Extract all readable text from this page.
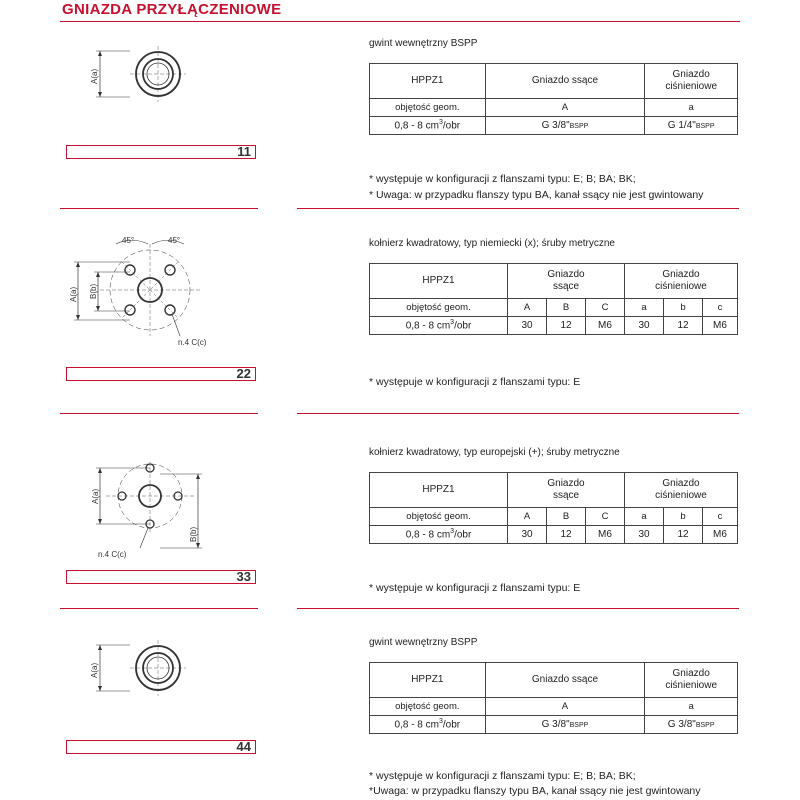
GNIAZDA PRZYŁĄCZENIOWE
A(a)
11
gwint wewnętrzny BSPP
HPPZ1	Gniazdo ssące	Gniazdo ciśnieniowe
objętość geom.	A	a
0,8 - 8 $cm^3$/obr	G 3/8"BSPP	G 1/4"BSPP
* występuje w konfiguracji z flanszami typu: E; B; BA; BK;
* Uwaga: w przypadku flanszy typu BA, kanał ssący nie jest gwintowany
A(a) B(b)
45°	45°
n.4 C(c)
22
kołnierz kwadratowy, typ niemiecki (x); śruby metryczne
HPPZ1	Gniazdo ssące			Gniazdo ciśnieniowe		
objętość geom.	A	B	C	a	b	c
0,8 - 8 $cm^3$/obr	30	12	M6	30	12	M6
* występuje w konfiguracji z flanszami typu: E
A(a)
B(b)
n.4 C(c)
33
kołnierz kwadratowy, typ europejski (+); śruby metryczne
HPPZ1	Gniazdo ssące			Gniazdo ciśnieniowe		
objętość geom.	A	B	C	a	b	c
0,8 - 8 $cm^3$/obr	30	12	M6	30	12	M6
* występuje w konfiguracji z flanszami typu: E
A(a)
44
gwint wewnętrzny BSPP
HPPZ1	Gniazdo ssące	Gniazdo ciśnieniowe
objętość geom.	A	a
0,8 - 8 $cm^3$/obr	G 3/8"BSPP	G 3/8"BSPP
* występuje w konfiguracji z flanszami typu: E; B; BA; BK;
*Uwaga: w przypadku flanszy typu BA, kanał ssący nie jest gwintowany
